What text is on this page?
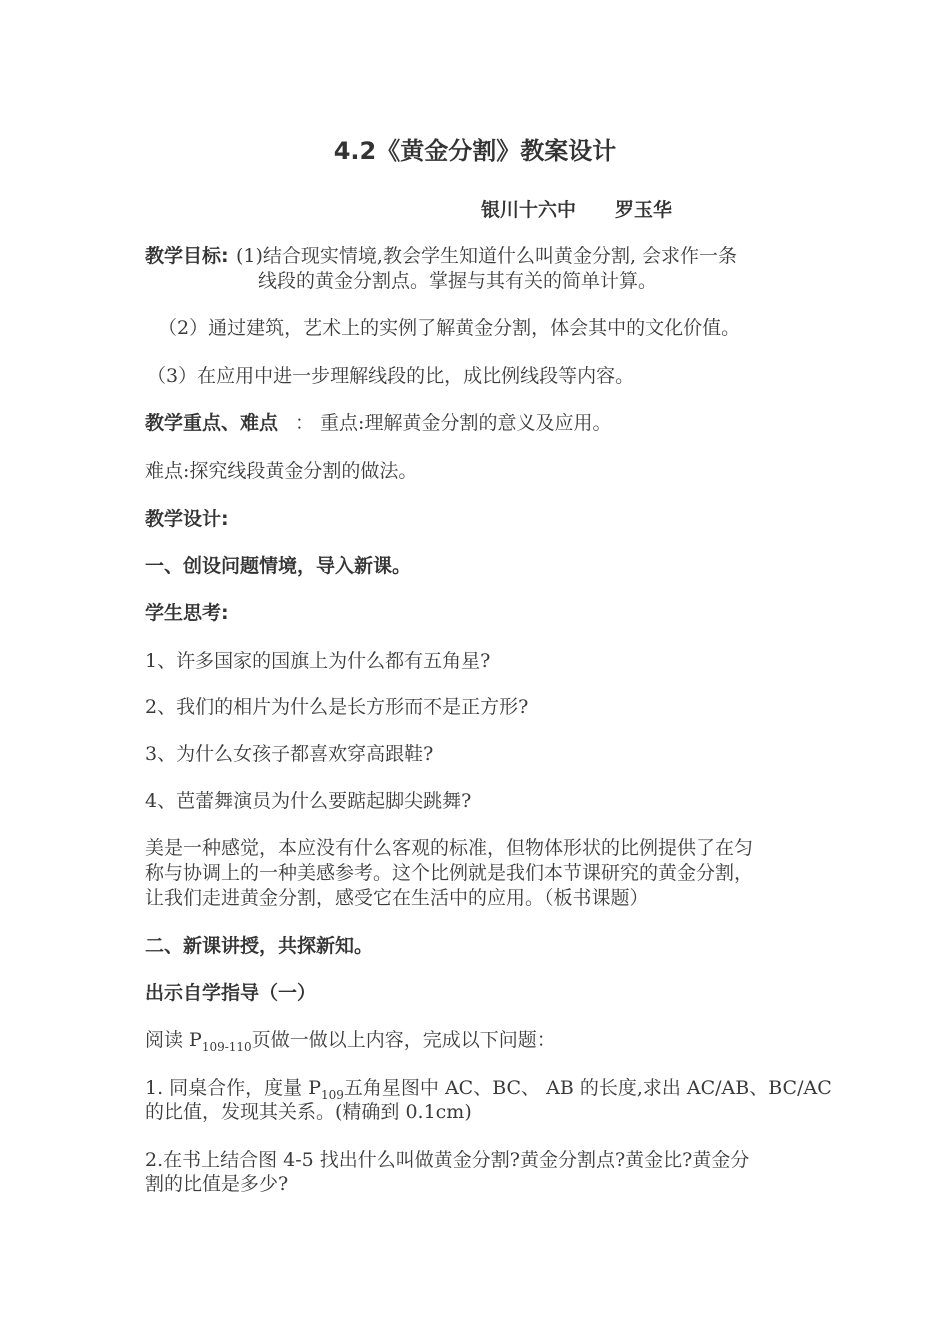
4.2《黄金分割》教案设计
银川十六中 罗玉华
教学目标: (1)结合现实情境,教会学生知道什么叫黄金分割, 会求作一条
线段的黄金分割点。掌握与其有关的简单计算。
（2）通过建筑，艺术上的实例了解黄金分割，体会其中的文化价值。
（3）在应用中进一步理解线段的比，成比例线段等内容。
教学重点、难点 ： 重点:理解黄金分割的意义及应用。
难点:探究线段黄金分割的做法。
教学设计:
一、创设问题情境，导入新课。
学生思考:
1、许多国家的国旗上为什么都有五角星?
2、我们的相片为什么是长方形而不是正方形?
3、为什么女孩子都喜欢穿高跟鞋?
4、芭蕾舞演员为什么要踮起脚尖跳舞?
美是一种感觉，本应没有什么客观的标准，但物体形状的比例提供了在匀
称与协调上的一种美感参考。这个比例就是我们本节课研究的黄金分割，
让我们走进黄金分割，感受它在生活中的应用。（板书课题）
二、新课讲授，共探新知。
出示自学指导（一）
阅读 $P_{109-110}$页做一做以上内容，完成以下问题：
1. 同桌合作，度量 $P_{109}$五角星图中 AC、BC、 AB 的长度,求出 AC/AB、BC/AC
的比值，发现其关系。(精确到 0.1cm)
2.在书上结合图 4-5 找出什么叫做黄金分割?黄金分割点?黄金比?黄金分
割的比值是多少?
